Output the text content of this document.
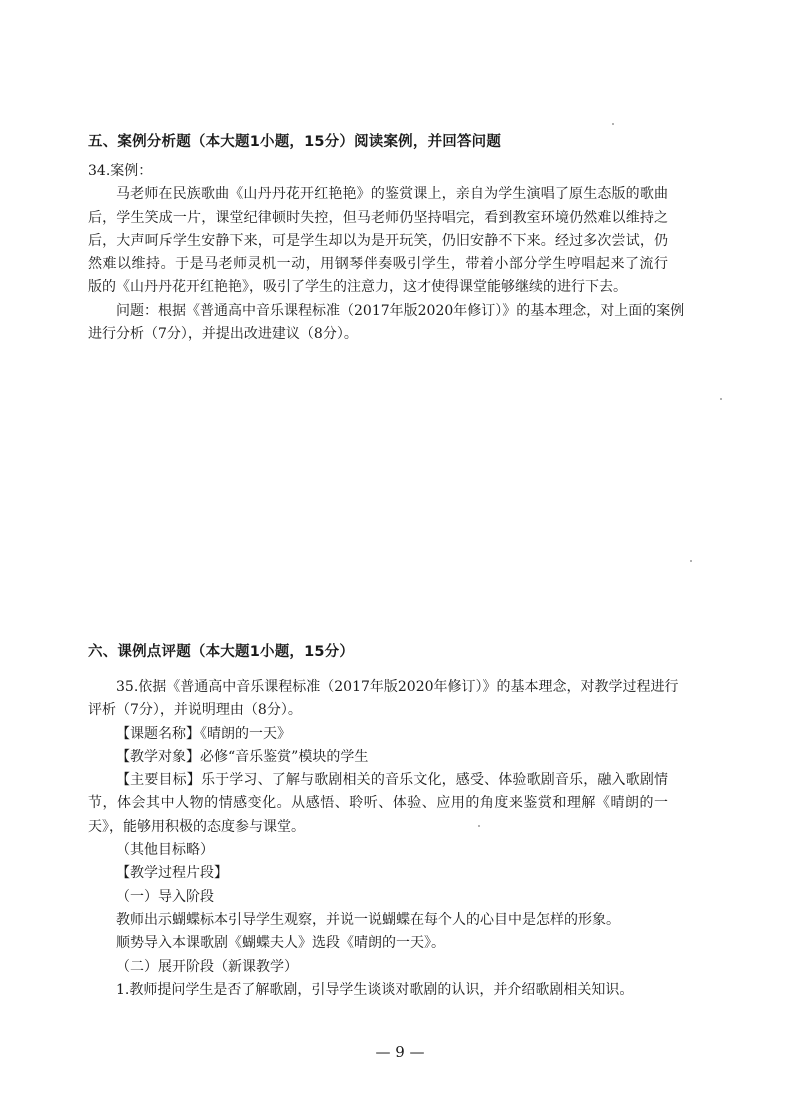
五、案例分析题（本大题1小题，15分）阅读案例，并回答问题
34.案例：
马老师在民族歌曲《山丹丹花开红艳艳》的鉴赏课上，亲自为学生演唱了原生态版的歌曲
后，学生笑成一片，课堂纪律顿时失控，但马老师仍坚持唱完，看到教室环境仍然难以维持之
后，大声呵斥学生安静下来，可是学生却以为是开玩笑，仍旧安静不下来。经过多次尝试，仍
然难以维持。于是马老师灵机一动，用钢琴伴奏吸引学生，带着小部分学生哼唱起来了流行
版的《山丹丹花开红艳艳》，吸引了学生的注意力，这才使得课堂能够继续的进行下去。
问题：根据《普通高中音乐课程标准（2017年版2020年修订）》的基本理念，对上面的案例
进行分析（7分），并提出改进建议（8分）。
六、课例点评题（本大题1小题，15分）
35.依据《普通高中音乐课程标准（2017年版2020年修订）》的基本理念，对教学过程进行
评析（7分），并说明理由（8分）。
【课题名称】《晴朗的一天》
【教学对象】必修“音乐鉴赏”模块的学生
【主要目标】乐于学习、了解与歌剧相关的音乐文化，感受、体验歌剧音乐，融入歌剧情
节，体会其中人物的情感变化。从感悟、聆听、体验、应用的角度来鉴赏和理解《晴朗的一
天》，能够用积极的态度参与课堂。
（其他目标略）
【教学过程片段】
（一）导入阶段
教师出示蝴蝶标本引导学生观察，并说一说蝴蝶在每个人的心目中是怎样的形象。
顺势导入本课歌剧《蝴蝶夫人》选段《晴朗的一天》。
（二）展开阶段（新课教学）
1.教师提问学生是否了解歌剧，引导学生谈谈对歌剧的认识，并介绍歌剧相关知识。
— 9 —
